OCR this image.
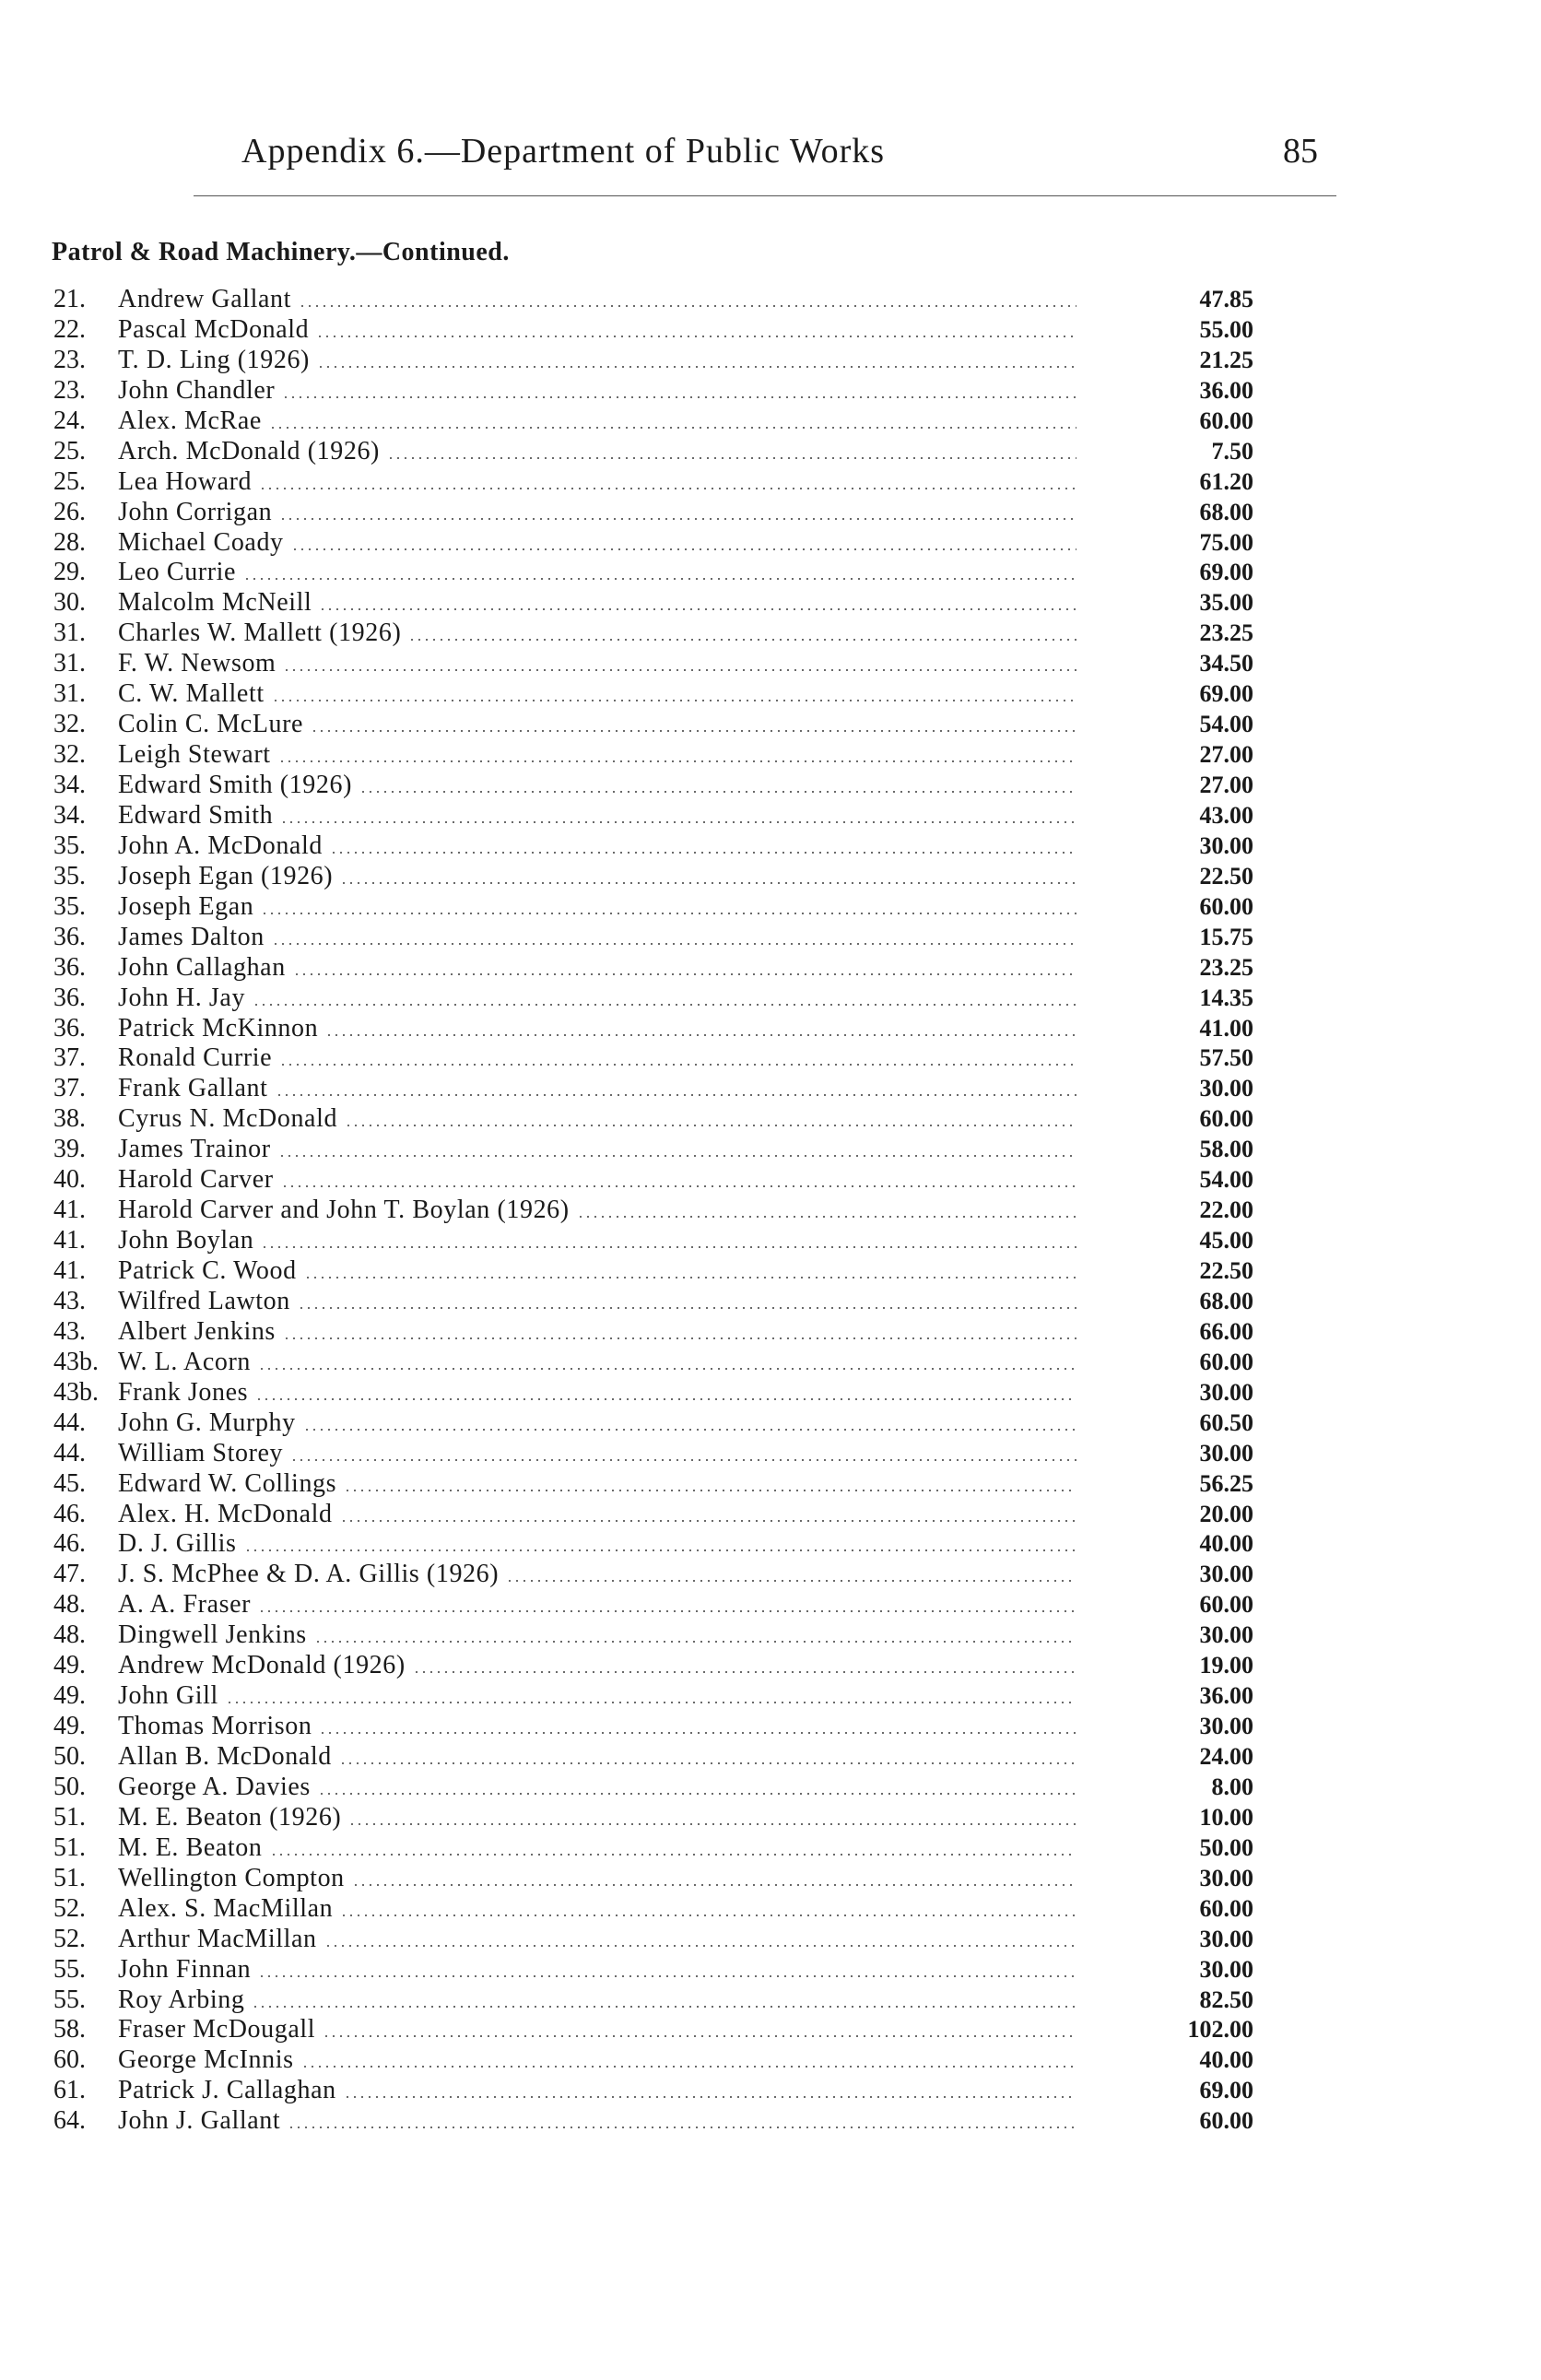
Appendix 6.—Department of Public Works	85
Patrol & Road Machinery.—Continued.
21.	Andrew Gallant	47.85
22.	Pascal McDonald	55.00
23.	T. D. Ling (1926)	21.25
23.	John Chandler	36.00
24.	Alex. McRae	60.00
25.	Arch. McDonald (1926)	7.50
25.	Lea Howard	61.20
26.	John Corrigan	68.00
28.	Michael Coady	75.00
29.	Leo Currie	69.00
30.	Malcolm McNeill	35.00
31.	Charles W. Mallett (1926)	23.25
31.	F. W. Newsom	34.50
31.	C. W. Mallett	69.00
32.	Colin C. McLure	54.00
32.	Leigh Stewart	27.00
34.	Edward Smith (1926)	27.00
34.	Edward Smith	43.00
35.	John A. McDonald	30.00
35.	Joseph Egan (1926)	22.50
35.	Joseph Egan	60.00
36.	James Dalton	15.75
36.	John Callaghan	23.25
36.	John H. Jay	14.35
36.	Patrick McKinnon	41.00
37.	Ronald Currie	57.50
37.	Frank Gallant	30.00
38.	Cyrus N. McDonald	60.00
39.	James Trainor	58.00
40.	Harold Carver	54.00
41.	Harold Carver and John T. Boylan (1926)	22.00
41.	John Boylan	45.00
41.	Patrick C. Wood	22.50
43.	Wilfred Lawton	68.00
43.	Albert Jenkins	66.00
43b. W. L. Acorn	60.00
43b. Frank Jones	30.00
44.	John G. Murphy	60.50
44.	William Storey	30.00
45.	Edward W. Collings	56.25
46.	Alex. H. McDonald	20.00
46.	D. J. Gillis	40.00
47.	J. S. McPhee & D. A. Gillis (1926)	30.00
48.	A. A. Fraser	60.00
48.	Dingwell Jenkins	30.00
49.	Andrew McDonald (1926)	19.00
49.	John Gill	36.00
49.	Thomas Morrison	30.00
50.	Allan B. McDonald	24.00
50.	George A. Davies	8.00
51.	M. E. Beaton (1926)	10.00
51.	M. E. Beaton	50.00
51.	Wellington Compton	30.00
52.	Alex. S. MacMillan	60.00
52.	Arthur MacMillan	30.00
55.	John Finnan	30.00
55.	Roy Arbing	82.50
58.	Fraser McDougall	102.00
60.	George McInnis	40.00
61.	Patrick J. Callaghan	69.00
64.	John J. Gallant	60.00
